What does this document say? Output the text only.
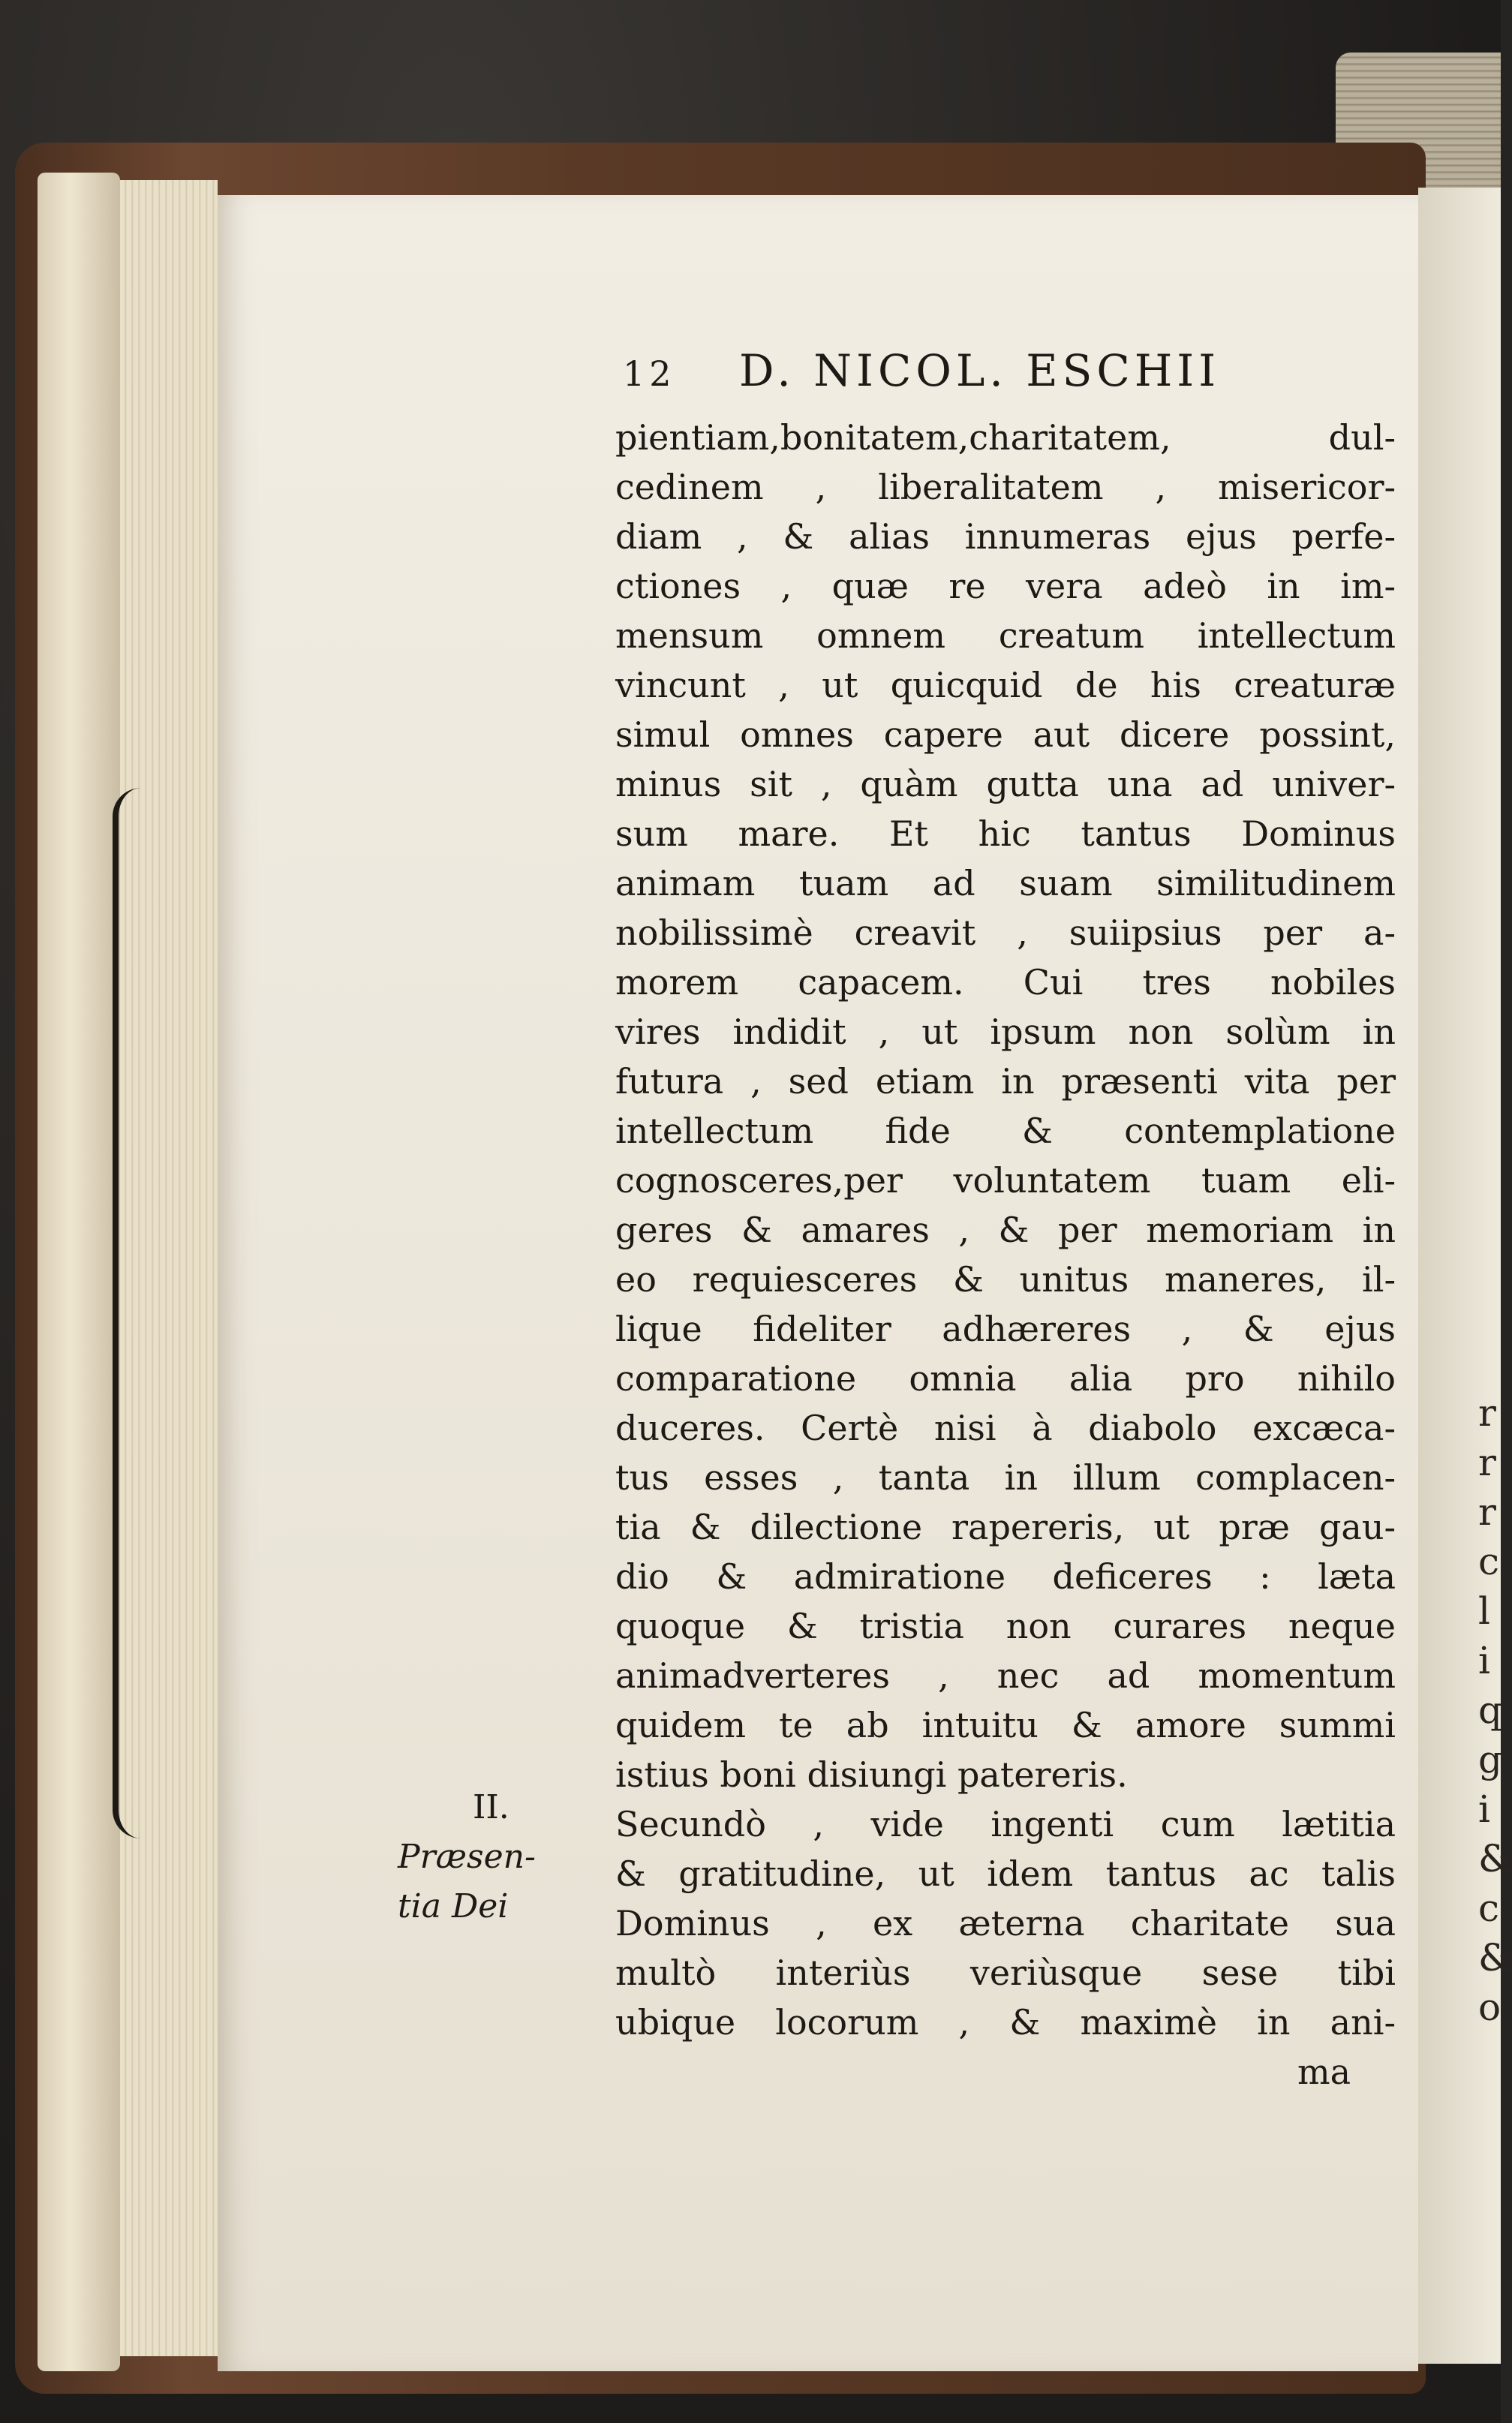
r
r
r
c
l
i
q
g
i
&
c
&
o
12 D. NICOL. ESCHII
pientiam,bonitatem,charitatem, dul-
cedinem , liberalitatem , misericor-
diam , & alias innumeras ejus perfe-
ctiones , quæ re vera adeò in im-
mensum omnem creatum intellectum
vincunt , ut quicquid de his creaturæ
simul omnes capere aut dicere possint,
minus sit , quàm gutta una ad univer-
sum mare. Et hic tantus Dominus
animam tuam ad suam similitudinem
nobilissimè creavit , suiipsius per a-
morem capacem. Cui tres nobiles
vires indidit , ut ipsum non solùm in
futura , sed etiam in præsenti vita per
intellectum fide & contemplatione
cognosceres,per voluntatem tuam eli-
geres & amares , & per memoriam in
eo requiesceres & unitus maneres, il-
lique fideliter adhæreres , & ejus
comparatione omnia alia pro nihilo
duceres. Certè nisi à diabolo excæca-
tus esses , tanta in illum complacen-
tia & dilectione rapereris, ut præ gau-
dio & admiratione deficeres : læta
quoque & tristia non curares neque
animadverteres , nec ad momentum
quidem te ab intuitu & amore summi
istius boni disiungi patereris.
Secundò , vide ingenti cum lætitia
& gratitudine, ut idem tantus ac talis
Dominus , ex æterna charitate sua
multò interiùs veriùsque sese tibi
ubique locorum , & maximè in ani-
ma
II.
Præsen-
tia Dei
